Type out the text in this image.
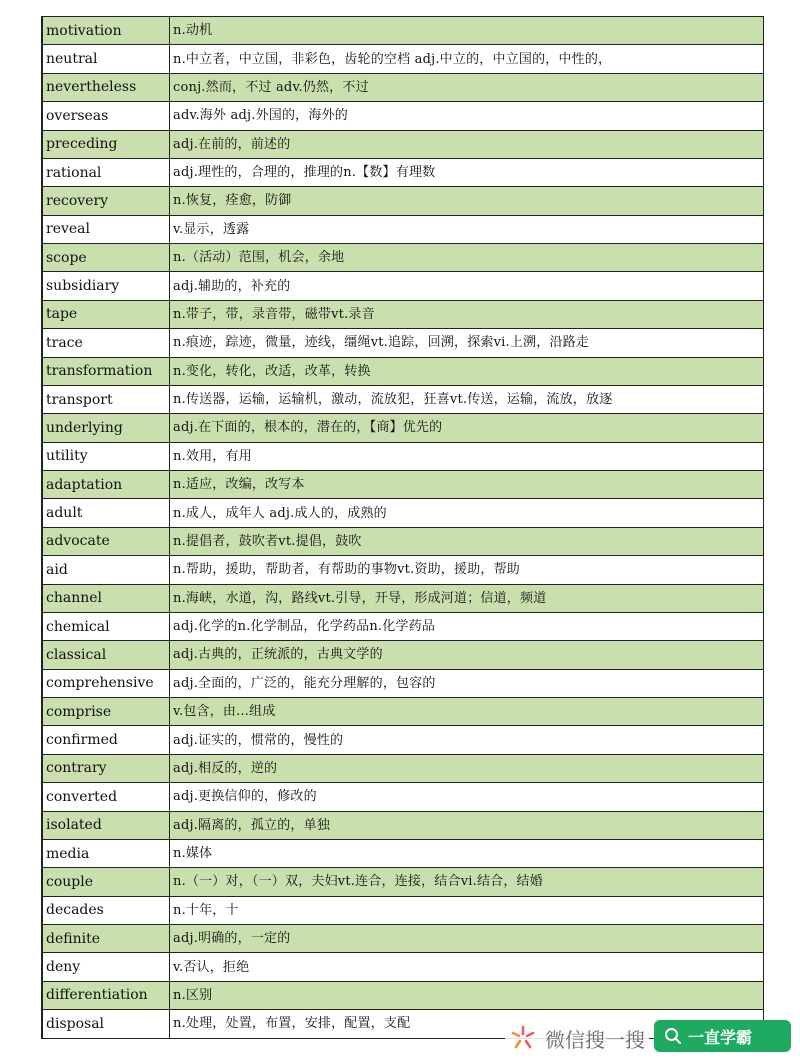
motivation	n.动机
neutral	n.中立者，中立国，非彩色，齿轮的空档 adj.中立的，中立国的，中性的，
nevertheless	conj.然而，不过 adv.仍然，不过
overseas	adv.海外 adj.外国的，海外的
preceding	adj.在前的，前述的
rational	adj.理性的，合理的，推理的n.【数】有理数
recovery	n.恢复，痊愈，防御
reveal	v.显示，透露
scope	n.（活动）范围，机会，余地
subsidiary	adj.辅助的，补充的
tape	n.带子，带，录音带，磁带vt.录音
trace	n.痕迹，踪迹，微量，迹线，缰绳vt.追踪，回溯，探索vi.上溯，沿路走
transformation	n.变化，转化，改适，改革，转换
transport	n.传送器，运输，运输机，激动，流放犯，狂喜vt.传送，运输，流放，放逐
underlying	adj.在下面的，根本的，潜在的，【商】优先的
utility	n.效用，有用
adaptation	n.适应，改编，改写本
adult	n.成人，成年人 adj.成人的，成熟的
advocate	n.提倡者，鼓吹者vt.提倡，鼓吹
aid	n.帮助，援助，帮助者，有帮助的事物vt.资助，援助，帮助
channel	n.海峡，水道，沟，路线vt.引导，开导，形成河道；信道，频道
chemical	adj.化学的n.化学制品，化学药品n.化学药品
classical	adj.古典的，正统派的，古典文学的
comprehensive	adj.全面的，广泛的，能充分理解的，包容的
comprise	v.包含，由...组成
confirmed	adj.证实的，惯常的，慢性的
contrary	adj.相反的，逆的
converted	adj.更换信仰的，修改的
isolated	adj.隔离的，孤立的，单独
media	n.媒体
couple	n.（一）对，（一）双，夫妇vt.连合，连接，结合vi.结合，结婚
decades	n.十年，十
definite	adj.明确的，一定的
deny	v.否认，拒绝
differentiation	n.区别
disposal	n.处理，处置，布置，安排，配置，支配
微信搜一搜	一直学霸
